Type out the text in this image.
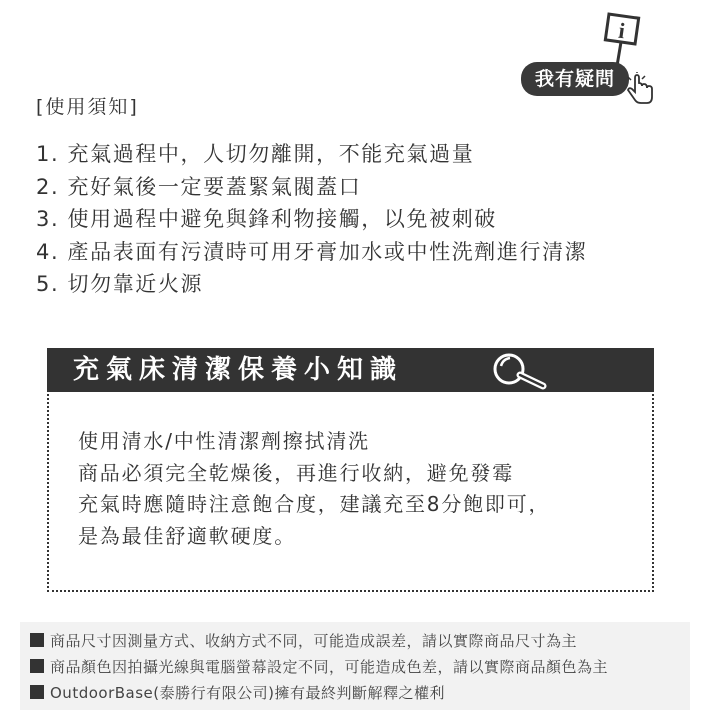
i
我有疑問
[使用須知]
1. 充氣過程中，人切勿離開，不能充氣過量
2. 充好氣後一定要蓋緊氣閥蓋口
3. 使用過程中避免與鋒利物接觸，以免被刺破
4. 產品表面有污漬時可用牙膏加水或中性洗劑進行清潔
5. 切勿靠近火源
充氣床清潔保養小知識
使用清水/中性清潔劑擦拭清洗
商品必須完全乾燥後，再進行收納，避免發霉
充氣時應隨時注意飽合度，建議充至8分飽即可，
是為最佳舒適軟硬度。
商品尺寸因測量方式、收納方式不同，可能造成誤差，請以實際商品尺寸為主
商品顏色因拍攝光線與電腦螢幕設定不同，可能造成色差，請以實際商品顏色為主
OutdoorBase(泰勝行有限公司)擁有最終判斷解釋之權利
